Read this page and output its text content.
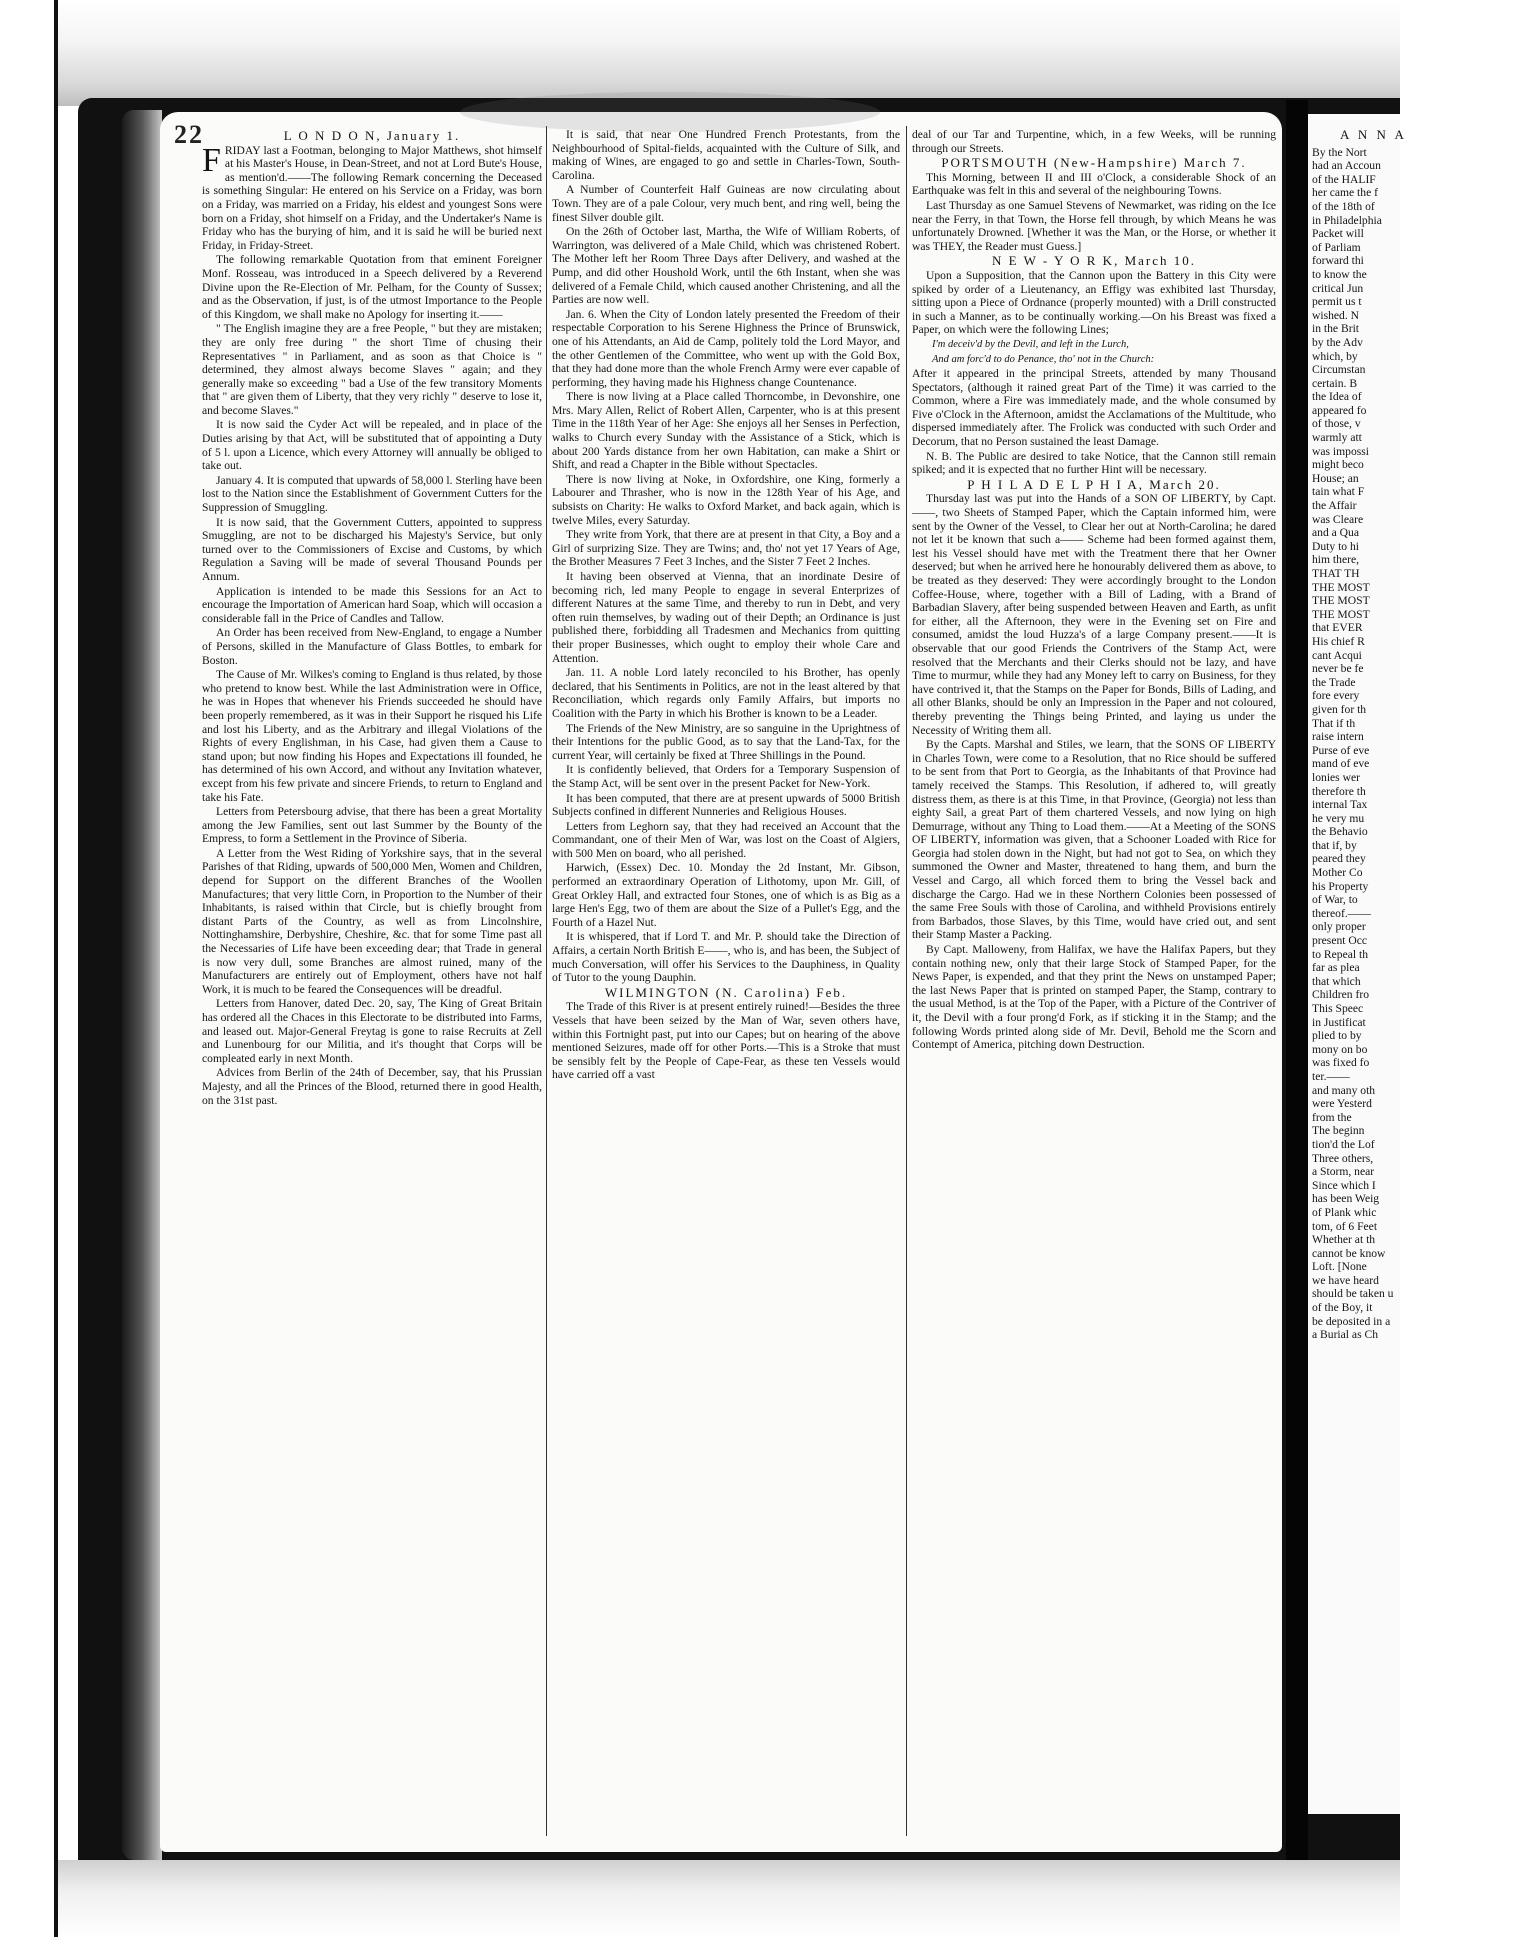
22	L O N D O N, January 1.

FRIDAY last a Footman, belonging to Major Matthews, shot himself at his Master's House, in Dean-Street, and not at Lord Bute's House, as mention'd.——The following Remark concerning the Deceased is something Singular: He entered on his Service on a Friday, was born on a Friday, was married on a Friday, his eldest and youngest Sons were born on a Friday, shot himself on a Friday, and the Undertaker's Name is Friday who has the burying of him, and it is said he will be buried next Friday, in Friday-Street.

The following remarkable Quotation from that eminent Foreigner Monf. Rosseau, was introduced in a Speech delivered by a Reverend Divine upon the Re-Election of Mr. Pelham, for the County of Sussex; and as the Observation, if just, is of the utmost Importance to the People of this Kingdom, we shall make no Apology for inserting it.——

" The English imagine they are a free People, " but they are mistaken; they are only free during " the short Time of chusing their Representatives " in Parliament, and as soon as that Choice is " determined, they almost always become Slaves " again; and they generally make so exceeding " bad a Use of the few transitory Moments that " are given them of Liberty, that they very richly " deserve to lose it, and become Slaves."

It is now said the Cyder Act will be repealed, and in place of the Duties arising by that Act, will be substituted that of appointing a Duty of 5 l. upon a Licence, which every Attorney will annually be obliged to take out.

January 4. It is computed that upwards of 58,000 l. Sterling have been lost to the Nation since the Establishment of Government Cutters for the Suppression of Smuggling.

It is now said, that the Government Cutters, appointed to suppress Smuggling, are not to be discharged his Majesty's Service, but only turned over to the Commissioners of Excise and Customs, by which Regulation a Saving will be made of several Thousand Pounds per Annum.

Application is intended to be made this Sessions for an Act to encourage the Importation of American hard Soap, which will occasion a considerable fall in the Price of Candles and Tallow.

An Order has been received from New-England, to engage a Number of Persons, skilled in the Manufacture of Glass Bottles, to embark for Boston.

The Cause of Mr. Wilkes's coming to England is thus related, by those who pretend to know best. While the last Administration were in Office, he was in Hopes that whenever his Friends succeeded he should have been properly remembered, as it was in their Support he risqued his Life and lost his Liberty, and as the Arbitrary and illegal Violations of the Rights of every Englishman, in his Case, had given them a Cause to stand upon; but now finding his Hopes and Expectations ill founded, he has determined of his own Accord, and without any Invitation whatever, except from his few private and sincere Friends, to return to England and take his Fate.

Letters from Petersbourg advise, that there has been a great Mortality among the Jew Families, sent out last Summer by the Bounty of the Empress, to form a Settlement in the Province of Siberia.

A Letter from the West Riding of Yorkshire says, that in the several Parishes of that Riding, upwards of 500,000 Men, Women and Children, depend for Support on the different Branches of the Woollen Manufactures; that very little Corn, in Proportion to the Number of their Inhabitants, is raised within that Circle, but is chiefly brought from distant Parts of the Country, as well as from Lincolnshire, Nottinghamshire, Derbyshire, Cheshire, &c. that for some Time past all the Necessaries of Life have been exceeding dear; that Trade in general is now very dull, some Branches are almost ruined, many of the Manufacturers are entirely out of Employment, others have not half Work, it is much to be feared the Consequences will be dreadful.

Letters from Hanover, dated Dec. 20, say, The King of Great Britain has ordered all the Chaces in this Electorate to be distributed into Farms, and leased out. Major-General Freytag is gone to raise Recruits at Zell and Lunenbourg for our Militia, and it's thought that Corps will be compleated early in next Month.

Advices from Berlin of the 24th of December, say, that his Prussian Majesty, and all the Princes of the Blood, returned there in good Health, on the 31st past.

It is said, that near One Hundred French Protestants, from the Neighbourhood of Spital-fields, acquainted with the Culture of Silk, and making of Wines, are engaged to go and settle in Charles-Town, South-Carolina.

A Number of Counterfeit Half Guineas are now circulating about Town. They are of a pale Colour, very much bent, and ring well, being the finest Silver double gilt.

On the 26th of October last, Martha, the Wife of William Roberts, of Warrington, was delivered of a Male Child, which was christened Robert. The Mother left her Room Three Days after Delivery, and washed at the Pump, and did other Houshold Work, until the 6th Instant, when she was delivered of a Female Child, which caused another Christening, and all the Parties are now well.

Jan. 6. When the City of London lately presented the Freedom of their respectable Corporation to his Serene Highness the Prince of Brunswick, one of his Attendants, an Aid de Camp, politely told the Lord Mayor, and the other Gentlemen of the Committee, who went up with the Gold Box, that they had done more than the whole French Army were ever capable of performing, they having made his Highness change Countenance.

There is now living at a Place called Thorncombe, in Devonshire, one Mrs. Mary Allen, Relict of Robert Allen, Carpenter, who is at this present Time in the 118th Year of her Age: She enjoys all her Senses in Perfection, walks to Church every Sunday with the Assistance of a Stick, which is about 200 Yards distance from her own Habitation, can make a Shirt or Shift, and read a Chapter in the Bible without Spectacles.

There is now living at Noke, in Oxfordshire, one King, formerly a Labourer and Thrasher, who is now in the 128th Year of his Age, and subsists on Charity: He walks to Oxford Market, and back again, which is twelve Miles, every Saturday.

They write from York, that there are at present in that City, a Boy and a Girl of surprizing Size. They are Twins; and, tho' not yet 17 Years of Age, the Brother Measures 7 Feet 3 Inches, and the Sister 7 Feet 2 Inches.

It having been observed at Vienna, that an inordinate Desire of becoming rich, led many People to engage in several Enterprizes of different Natures at the same Time, and thereby to run in Debt, and very often ruin themselves, by wading out of their Depth; an Ordinance is just published there, forbidding all Tradesmen and Mechanics from quitting their proper Businesses, which ought to employ their whole Care and Attention.

Jan. 11. A noble Lord lately reconciled to his Brother, has openly declared, that his Sentiments in Politics, are not in the least altered by that Reconciliation, which regards only Family Affairs, but imports no Coalition with the Party in which his Brother is known to be a Leader.

The Friends of the New Ministry, are so sanguine in the Uprightness of their Intentions for the public Good, as to say that the Land-Tax, for the current Year, will certainly be fixed at Three Shillings in the Pound.

It is confidently believed, that Orders for a Temporary Suspension of the Stamp Act, will be sent over in the present Packet for New-York.

It has been computed, that there are at present upwards of 5000 British Subjects confined in different Nunneries and Religious Houses.

Letters from Leghorn say, that they had received an Account that the Commandant, one of their Men of War, was lost on the Coast of Algiers, with 500 Men on board, who all perished.

Harwich, (Essex) Dec. 10. Monday the 2d Instant, Mr. Gibson, performed an extraordinary Operation of Lithotomy, upon Mr. Gill, of Great Orkley Hall, and extracted four Stones, one of which is as Big as a large Hen's Egg, two of them are about the Size of a Pullet's Egg, and the Fourth of a Hazel Nut.

It is whispered, that if Lord T. and Mr. P. should take the Direction of Affairs, a certain North British E——, who is, and has been, the Subject of much Conversation, will offer his Services to the Dauphiness, in Quality of Tutor to the young Dauphin.

WILMINGTON (N. Carolina) Feb.

The Trade of this River is at present entirely ruined!—Besides the three Vessels that have been seized by the Man of War, seven others have, within this Fortnight past, put into our Capes; but on hearing of the above mentioned Seizures, made off for other Ports.—This is a Stroke that must be sensibly felt by the People of Cape-Fear, as these ten Vessels would have carried off a vast

deal of our Tar and Turpentine, which, in a few Weeks, will be running through our Streets.

PORTSMOUTH (New-Hampshire) March 7.

This Morning, between II and III o'Clock, a considerable Shock of an Earthquake was felt in this and several of the neighbouring Towns.

Last Thursday as one Samuel Stevens of Newmarket, was riding on the Ice near the Ferry, in that Town, the Horse fell through, by which Means he was unfortunately Drowned. [Whether it was the Man, or the Horse, or whether it was THEY, the Reader must Guess.]

N E W - Y O R K, March 10.

Upon a Supposition, that the Cannon upon the Battery in this City were spiked by order of a Lieutenancy, an Effigy was exhibited last Thursday, sitting upon a Piece of Ordnance (properly mounted) with a Drill constructed in such a Manner, as to be continually working.—On his Breast was fixed a Paper, on which were the following Lines;

I'm deceiv'd by the Devil, and left in the Lurch,

And am forc'd to do Penance, tho' not in the Church:

After it appeared in the principal Streets, attended by many Thousand Spectators, (although it rained great Part of the Time) it was carried to the Common, where a Fire was immediately made, and the whole consumed by Five o'Clock in the Afternoon, amidst the Acclamations of the Multitude, who dispersed immediately after. The Frolick was conducted with such Order and Decorum, that no Person sustained the least Damage.

N. B. The Public are desired to take Notice, that the Cannon still remain spiked; and it is expected that no further Hint will be necessary.

P H I L A D E L P H I A, March 20.

Thursday last was put into the Hands of a SON OF LIBERTY, by Capt.——, two Sheets of Stamped Paper, which the Captain informed him, were sent by the Owner of the Vessel, to Clear her out at North-Carolina; he dared not let it be known that such a—— Scheme had been formed against them, lest his Vessel should have met with the Treatment there that her Owner deserved; but when he arrived here he honourably delivered them as above, to be treated as they deserved: They were accordingly brought to the London Coffee-House, where, together with a Bill of Lading, with a Brand of Barbadian Slavery, after being suspended between Heaven and Earth, as unfit for either, all the Afternoon, they were in the Evening set on Fire and consumed, amidst the loud Huzza's of a large Company present.——It is observable that our good Friends the Contrivers of the Stamp Act, were resolved that the Merchants and their Clerks should not be lazy, and have Time to murmur, while they had any Money left to carry on Business, for they have contrived it, that the Stamps on the Paper for Bonds, Bills of Lading, and all other Blanks, should be only an Impression in the Paper and not coloured, thereby preventing the Things being Printed, and laying us under the Necessity of Writing them all.

By the Capts. Marshal and Stiles, we learn, that the SONS OF LIBERTY in Charles Town, were come to a Resolution, that no Rice should be suffered to be sent from that Port to Georgia, as the Inhabitants of that Province had tamely received the Stamps. This Resolution, if adhered to, will greatly distress them, as there is at this Time, in that Province, (Georgia) not less than eighty Sail, a great Part of them chartered Vessels, and now lying on high Demurrage, without any Thing to Load them.——At a Meeting of the SONS OF LIBERTY, information was given, that a Schooner Loaded with Rice for Georgia had stolen down in the Night, but had not got to Sea, on which they summoned the Owner and Master, threatened to hang them, and burn the Vessel and Cargo, all which forced them to bring the Vessel back and discharge the Cargo. Had we in these Northern Colonies been possessed of the same Free Souls with those of Carolina, and withheld Provisions entirely from Barbados, those Slaves, by this Time, would have cried out, and sent their Stamp Master a Packing.

By Capt. Malloweny, from Halifax, we have the Halifax Papers, but they contain nothing new, only that their large Stock of Stamped Paper, for the News Paper, is expended, and that they print the News on unstamped Paper; the last News Paper that is printed on stamped Paper, the Stamp, contrary to the usual Method, is at the Top of the Paper, with a Picture of the Contriver of it, the Devil with a four prong'd Fork, as if sticking it in the Stamp; and the following Words printed along side of Mr. Devil, Behold me the Scorn and Contempt of America, pitching down Destruction.

A N N A

By the Nort

had an Accoun

of the HALIF

her came the f

of the 18th of

in Philadelphia

Packet will

of Parliam

forward thi

to know the

critical Jun

permit us t

wished. N

in the Brit

by the Adv

which, by

Circumstan

certain. B

the Idea of

appeared fo

of those, v

warmly att

was impossi

might beco

House; an

tain what F

the Affair

was Cleare

and a Qua

Duty to hi

him there,

THAT TH

THE MOST

THE MOST

THE MOST

that EVER

His chief R

cant Acqui

never be fe

the Trade

fore every

given for th

That if th

raise intern

Purse of eve

mand of eve

lonies wer

therefore th

internal Tax

he very mu

the Behavio

that if, by

peared they

Mother Co

his Property

of War, to

thereof.——

only proper

present Occ

to Repeal th

far as plea

that which

Children fro

This Speec

in Justificat

plied to by

mony on bo

was fixed fo

ter.——

and many oth

were Yesterd

from the

The beginn

tion'd the Lof

Three others,

a Storm, near

Since which I

has been Weig

of Plank whic

tom, of 6 Feet

Whether at th

cannot be know

Loft. [None

we have heard

should be taken u

of the Boy, it

be deposited in a

a Burial as Ch
